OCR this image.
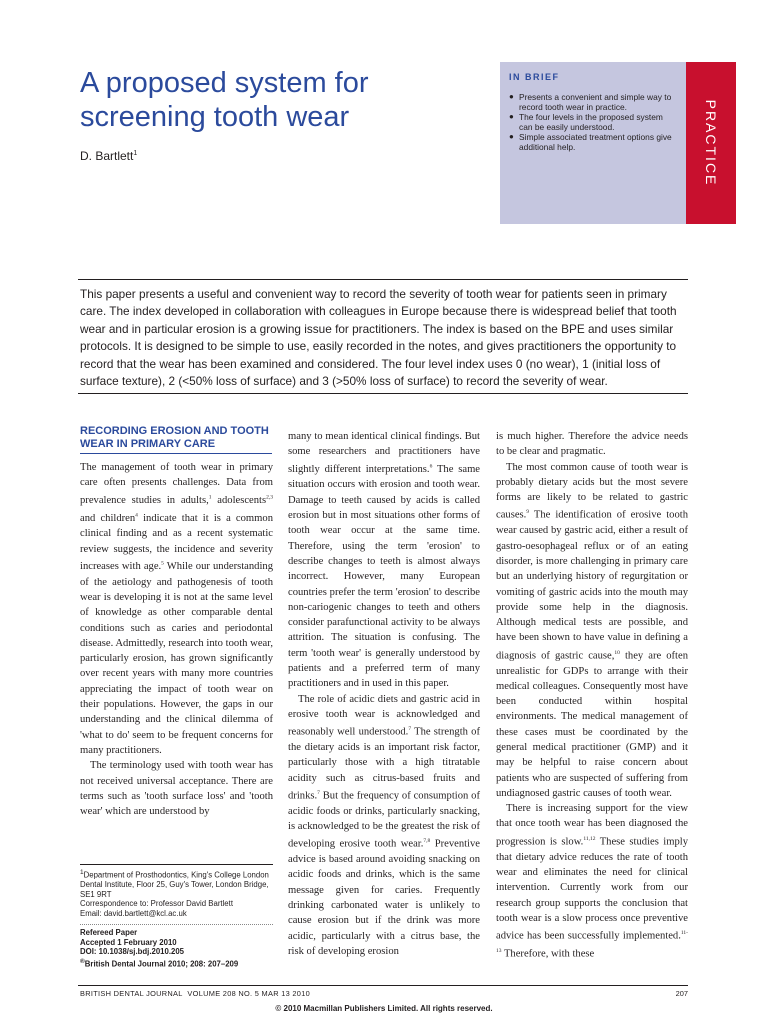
A proposed system for screening tooth wear
D. Bartlett$^1$
IN BRIEF
● Presents a convenient and simple way to record tooth wear in practice.
● The four levels in the proposed system can be easily understood.
● Simple associated treatment options give additional help.	PRACTICE

This paper presents a useful and convenient way to record the severity of tooth wear for patients seen in primary care. The index developed in collaboration with colleagues in Europe because there is widespread belief that tooth wear and in particular erosion is a growing issue for practitioners. The index is based on the BPE and uses similar protocols. It is designed to be simple to use, easily recorded in the notes, and gives practitioners the opportunity to record that the wear has been examined and considered. The four level index uses 0 (no wear), 1 (initial loss of surface texture), 2 (<50% loss of surface) and 3 (>50% loss of surface) to record the severity of wear.

RECORDING EROSION AND TOOTH WEAR IN PRIMARY CARE
The management of tooth wear in primary care often presents challenges. Data from prevalence studies in adults,$^1$ adolescents$^{2,3}$ and children$^4$ indicate that it is a common clinical finding and as a recent systematic review suggests, the incidence and severity increases with age.$^5$ While our understanding of the aetiology and pathogenesis of tooth wear is developing it is not at the same level of knowledge as other comparable dental conditions such as caries and periodontal disease. Admittedly, research into tooth wear, particularly erosion, has grown significantly over recent years with many more countries appreciating the impact of tooth wear on their populations. However, the gaps in our understanding and the clinical dilemma of 'what to do' seem to be frequent concerns for many practitioners.
The terminology used with tooth wear has not received universal acceptance. There are terms such as 'tooth surface loss' and 'tooth wear' which are understood by
many to mean identical clinical findings. But some researchers and practitioners have slightly different interpretations.$^6$ The same situation occurs with erosion and tooth wear. Damage to teeth caused by acids is called erosion but in most situations other forms of tooth wear occur at the same time. Therefore, using the term 'erosion' to describe changes to teeth is almost always incorrect. However, many European countries prefer the term 'erosion' to describe non-cariogenic changes to teeth and others consider parafunctional activity to be always attrition. The situation is confusing. The term 'tooth wear' is generally understood by patients and a preferred term of many practitioners and in used in this paper.
The role of acidic diets and gastric acid in erosive tooth wear is acknowledged and reasonably well understood.$^7$ The strength of the dietary acids is an important risk factor, particularly those with a high titratable acidity such as citrus-based fruits and drinks.$^7$ But the frequency of consumption of acidic foods or drinks, particularly snacking, is acknowledged to be the greatest the risk of developing erosive tooth wear.$^{7,8}$ Preventive advice is based around avoiding snacking on acidic foods and drinks, which is the same message given for caries. Frequently drinking carbonated water is unlikely to cause erosion but if the drink was more acidic, particularly with a citrus base, the risk of developing erosion
is much higher. Therefore the advice needs to be clear and pragmatic.
The most common cause of tooth wear is probably dietary acids but the most severe forms are likely to be related to gastric causes.$^9$ The identification of erosive tooth wear caused by gastric acid, either a result of gastro-oesophageal reflux or of an eating disorder, is more challenging in primary care but an underlying history of regurgitation or vomiting of gastric acids into the mouth may provide some help in the diagnosis. Although medical tests are possible, and have been shown to have value in defining a diagnosis of gastric cause,$^{10}$ they are often unrealistic for GDPs to arrange with their medical colleagues. Consequently most have been conducted within hospital environments. The medical management of these cases must be coordinated by the general medical practitioner (GMP) and it may be helpful to raise concern about patients who are suspected of suffering from undiagnosed gastric causes of tooth wear.
There is increasing support for the view that once tooth wear has been diagnosed the progression is slow.$^{11,12}$ These studies imply that dietary advice reduces the rate of tooth wear and eliminates the need for clinical intervention. Currently work from our research group supports the conclusion that tooth wear is a slow process once preventive advice has been successfully implemented.$^{11-13}$ Therefore, with these
$^1$Department of Prosthodontics, King's College London Dental Institute, Floor 25, Guy's Tower, London Bridge, SE1 9RT
Correspondence to: Professor David Bartlett
Email: david.bartlett@kcl.ac.uk
Refereed Paper
Accepted 1 February 2010
DOI: 10.1038/sj.bdj.2010.205
®British Dental Journal 2010; 208: 207–209
BRITISH DENTAL JOURNAL VOLUME 208 NO. 5 MAR 13 2010	207
© 2010 Macmillan Publishers Limited. All rights reserved.
